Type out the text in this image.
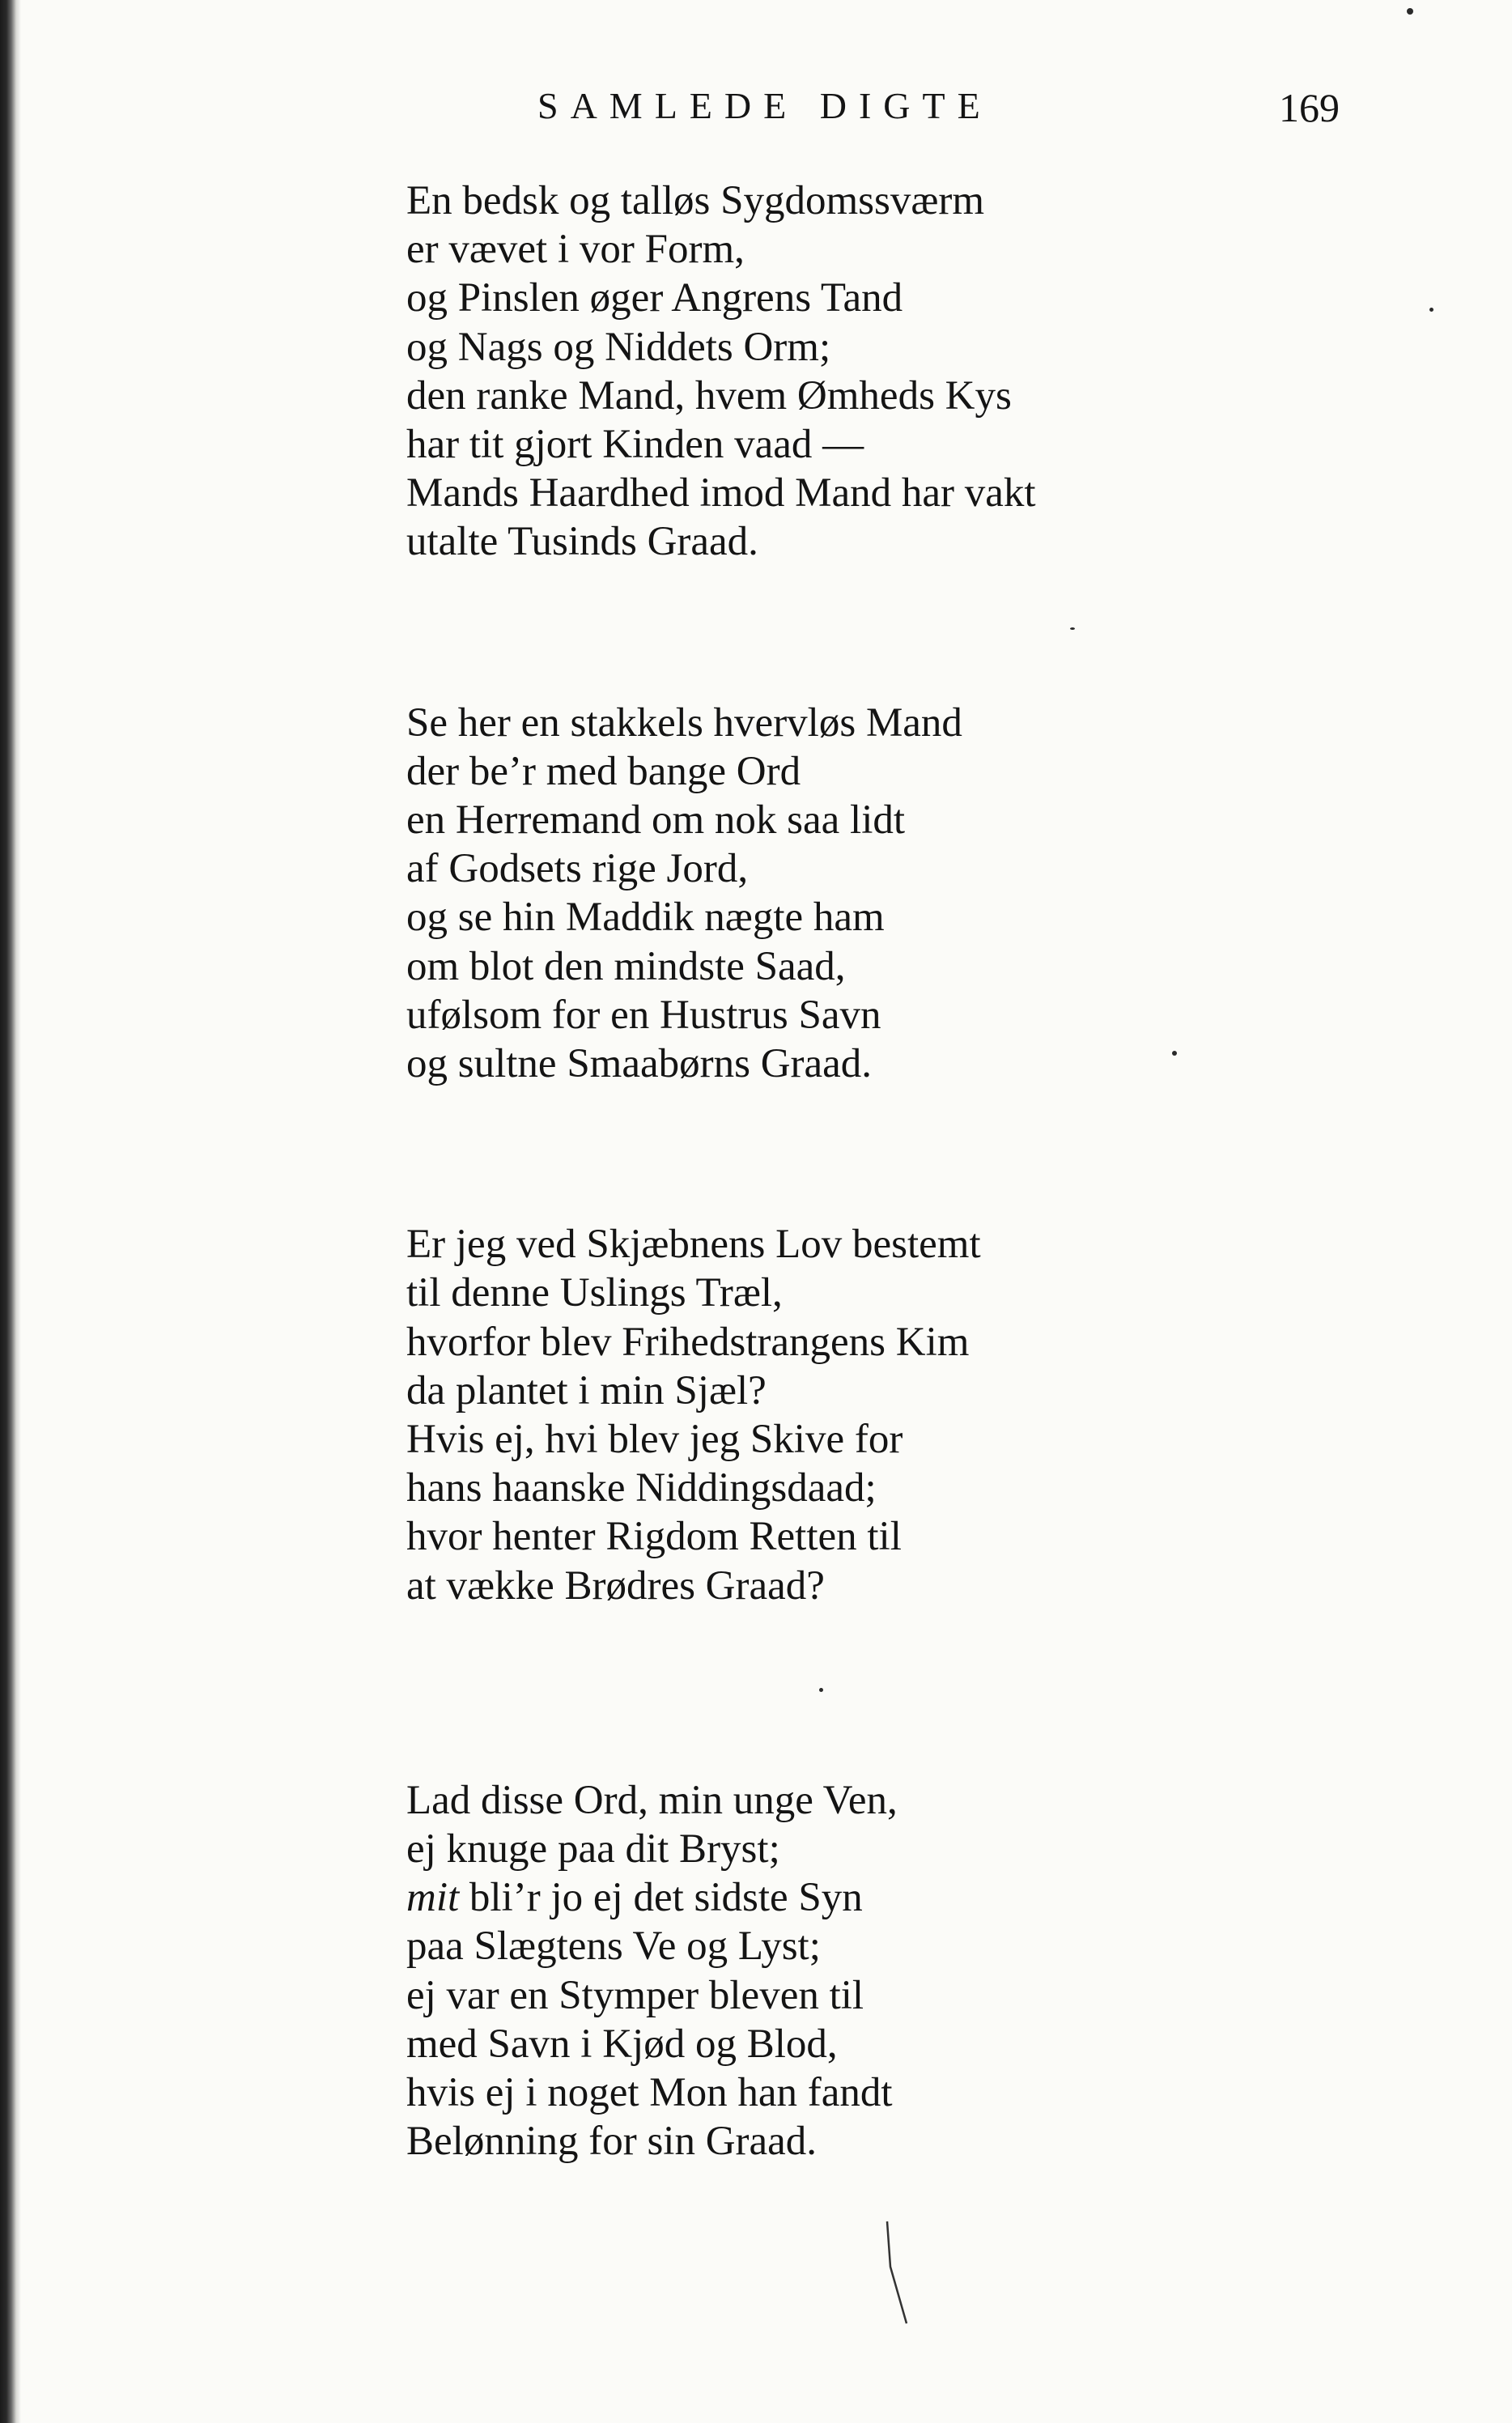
SAMLEDE DIGTE	169
En bedsk og talløs Sygdomssværm
er vævet i vor Form,
og Pinslen øger Angrens Tand
og Nags og Niddets Orm;
den ranke Mand, hvem Ømheds Kys
har tit gjort Kinden vaad —
Mands Haardhed imod Mand har vakt
utalte Tusinds Graad.
Se her en stakkels hvervløs Mand
der be’r med bange Ord
en Herremand om nok saa lidt
af Godsets rige Jord,
og se hin Maddik nægte ham
om blot den mindste Saad,
ufølsom for en Hustrus Savn
og sultne Smaabørns Graad.
Er jeg ved Skjæbnens Lov bestemt
til denne Uslings Træl,
hvorfor blev Frihedstrangens Kim
da plantet i min Sjæl?
Hvis ej, hvi blev jeg Skive for
hans haanske Niddingsdaad;
hvor henter Rigdom Retten til
at vække Brødres Graad?
Lad disse Ord, min unge Ven,
ej knuge paa dit Bryst;
mit bli’r jo ej det sidste Syn
paa Slægtens Ve og Lyst;
ej var en Stymper bleven til
med Savn i Kjød og Blod,
hvis ej i noget Mon han fandt
Belønning for sin Graad.
